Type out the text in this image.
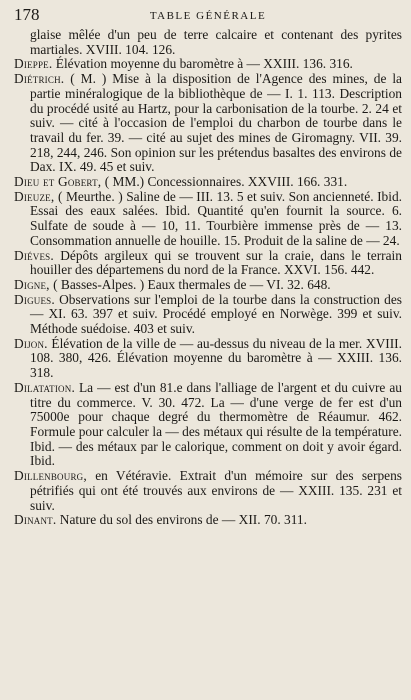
178	TABLE GÉNÉRALE

glaise mêlée d'un peu de terre calcaire et contenant des pyrites martiales. XVIII. 104. 126.

Dieppe. Élévation moyenne du baromètre à — XXIII. 136. 316.

Diétrich. ( M. ) Mise à la disposition de l'Agence des mines, de la partie minéralogique de la bibliothèque de — I. 1. 113. Description du procédé usité au Hartz, pour la carbonisation de la tourbe. 2. 24 et suiv. — cité à l'occasion de l'emploi du charbon de tourbe dans le travail du fer. 39. — cité au sujet des mines de Giromagny. VII. 39. 218, 244, 246. Son opinion sur les prétendus basaltes des environs de Dax. IX. 49. 45 et suiv.

Dieu et Gobert, ( MM.) Concessionnaires. XXVIII. 166. 331.

Dieuze, ( Meurthe. ) Saline de — III. 13. 5 et suiv. Son ancienneté. Ibid. Essai des eaux salées. Ibid. Quantité qu'en fournit la source. 6. Sulfate de soude à — 10, 11. Tourbière immense près de — 13. Consommation annuelle de houille. 15. Produit de la saline de — 24.

Diéves. Dépôts argileux qui se trouvent sur la craie, dans le terrain houiller des départemens du nord de la France. XXVI. 156. 442.

Digne, ( Basses-Alpes. ) Eaux thermales de — VI. 32. 648.

Digues. Observations sur l'emploi de la tourbe dans la construction des — XI. 63. 397 et suiv. Procédé employé en Norwège. 399 et suiv. Méthode suédoise. 403 et suiv.

Dijon. Élévation de la ville de — au-dessus du niveau de la mer. XVIII. 108. 380, 426. Élévation moyenne du baromètre à — XXIII. 136. 318.

Dilatation. La — est d'un 81.e dans l'alliage de l'argent et du cuivre au titre du commerce. V. 30. 472. La — d'une verge de fer est d'un 75000e pour chaque degré du thermomètre de Réaumur. 462. Formule pour calculer la — des métaux qui résulte de la température. Ibid. — des métaux par le calorique, comment on doit y avoir égard. Ibid.

Dillenbourg, en Vétéravie. Extrait d'un mémoire sur des serpens pétrifiés qui ont été trouvés aux environs de — XXIII. 135. 231 et suiv.

Dinant. Nature du sol des environs de — XII. 70. 311.
